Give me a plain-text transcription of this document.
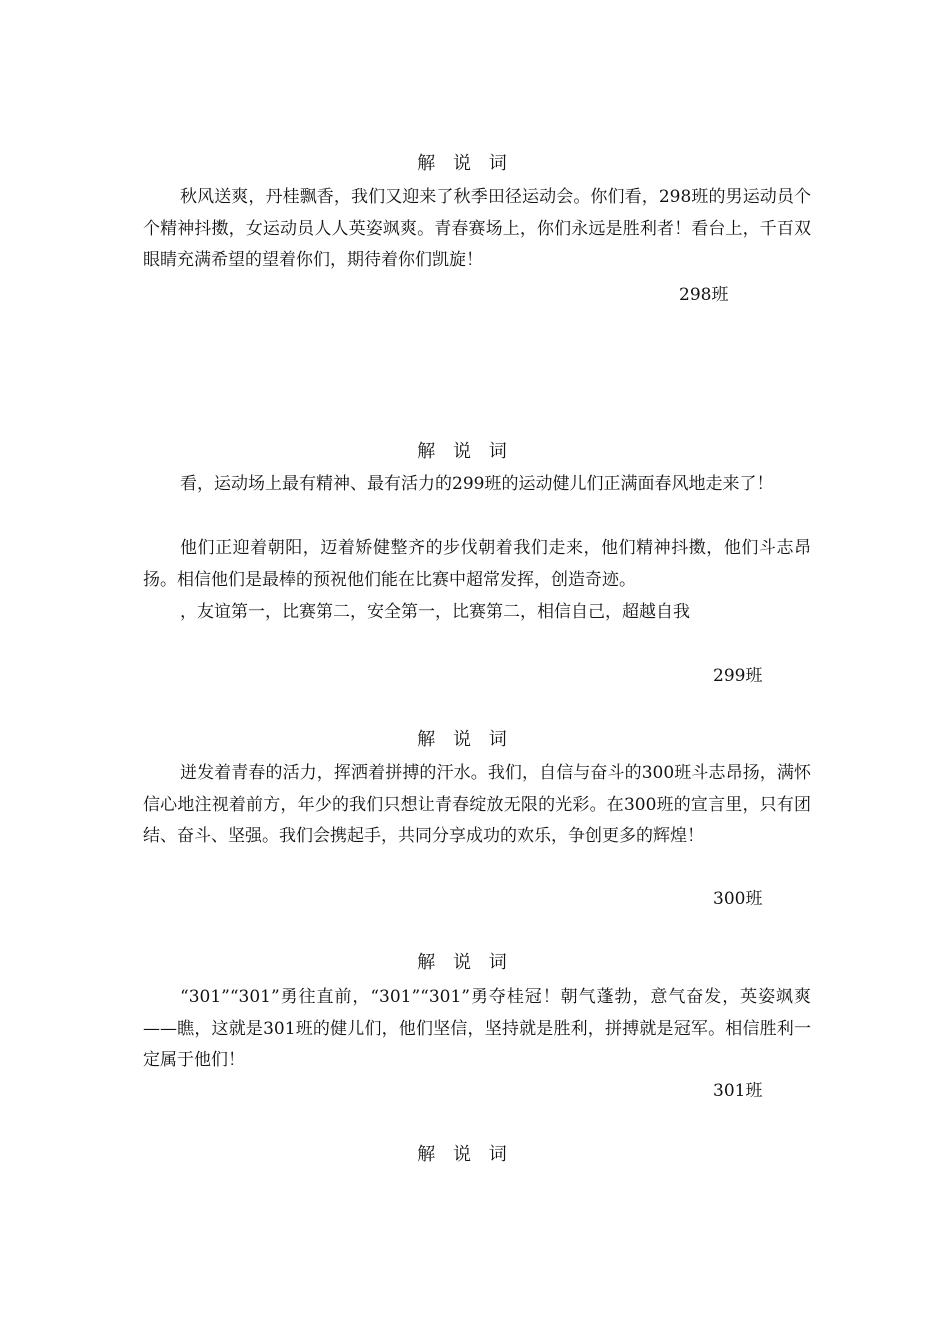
解 说 词
秋风送爽，丹桂飘香，我们又迎来了秋季田径运动会。你们看，298班的男运动员个个精神抖擞，女运动员人人英姿飒爽。青春赛场上，你们永远是胜利者！看台上，千百双眼睛充满希望的望着你们，期待着你们凯旋！
298班
解 说 词
看，运动场上最有精神、最有活力的299班的运动健儿们正满面春风地走来了！
他们正迎着朝阳，迈着矫健整齐的步伐朝着我们走来，他们精神抖擞，他们斗志昂扬。相信他们是最棒的预祝他们能在比赛中超常发挥，创造奇迹。
，友谊第一，比赛第二，安全第一，比赛第二，相信自己，超越自我
299班
解 说 词
迸发着青春的活力，挥洒着拼搏的汗水。我们，自信与奋斗的300班斗志昂扬，满怀信心地注视着前方，年少的我们只想让青春绽放无限的光彩。在300班的宣言里，只有团结、奋斗、坚强。我们会携起手，共同分享成功的欢乐，争创更多的辉煌！
300班
解 说 词
“301”“301”勇往直前，“301”“301”勇夺桂冠！朝气蓬勃，意气奋发，英姿飒爽——瞧，这就是301班的健儿们，他们坚信，坚持就是胜利，拼搏就是冠军。相信胜利一定属于他们！
301班
解 说 词
